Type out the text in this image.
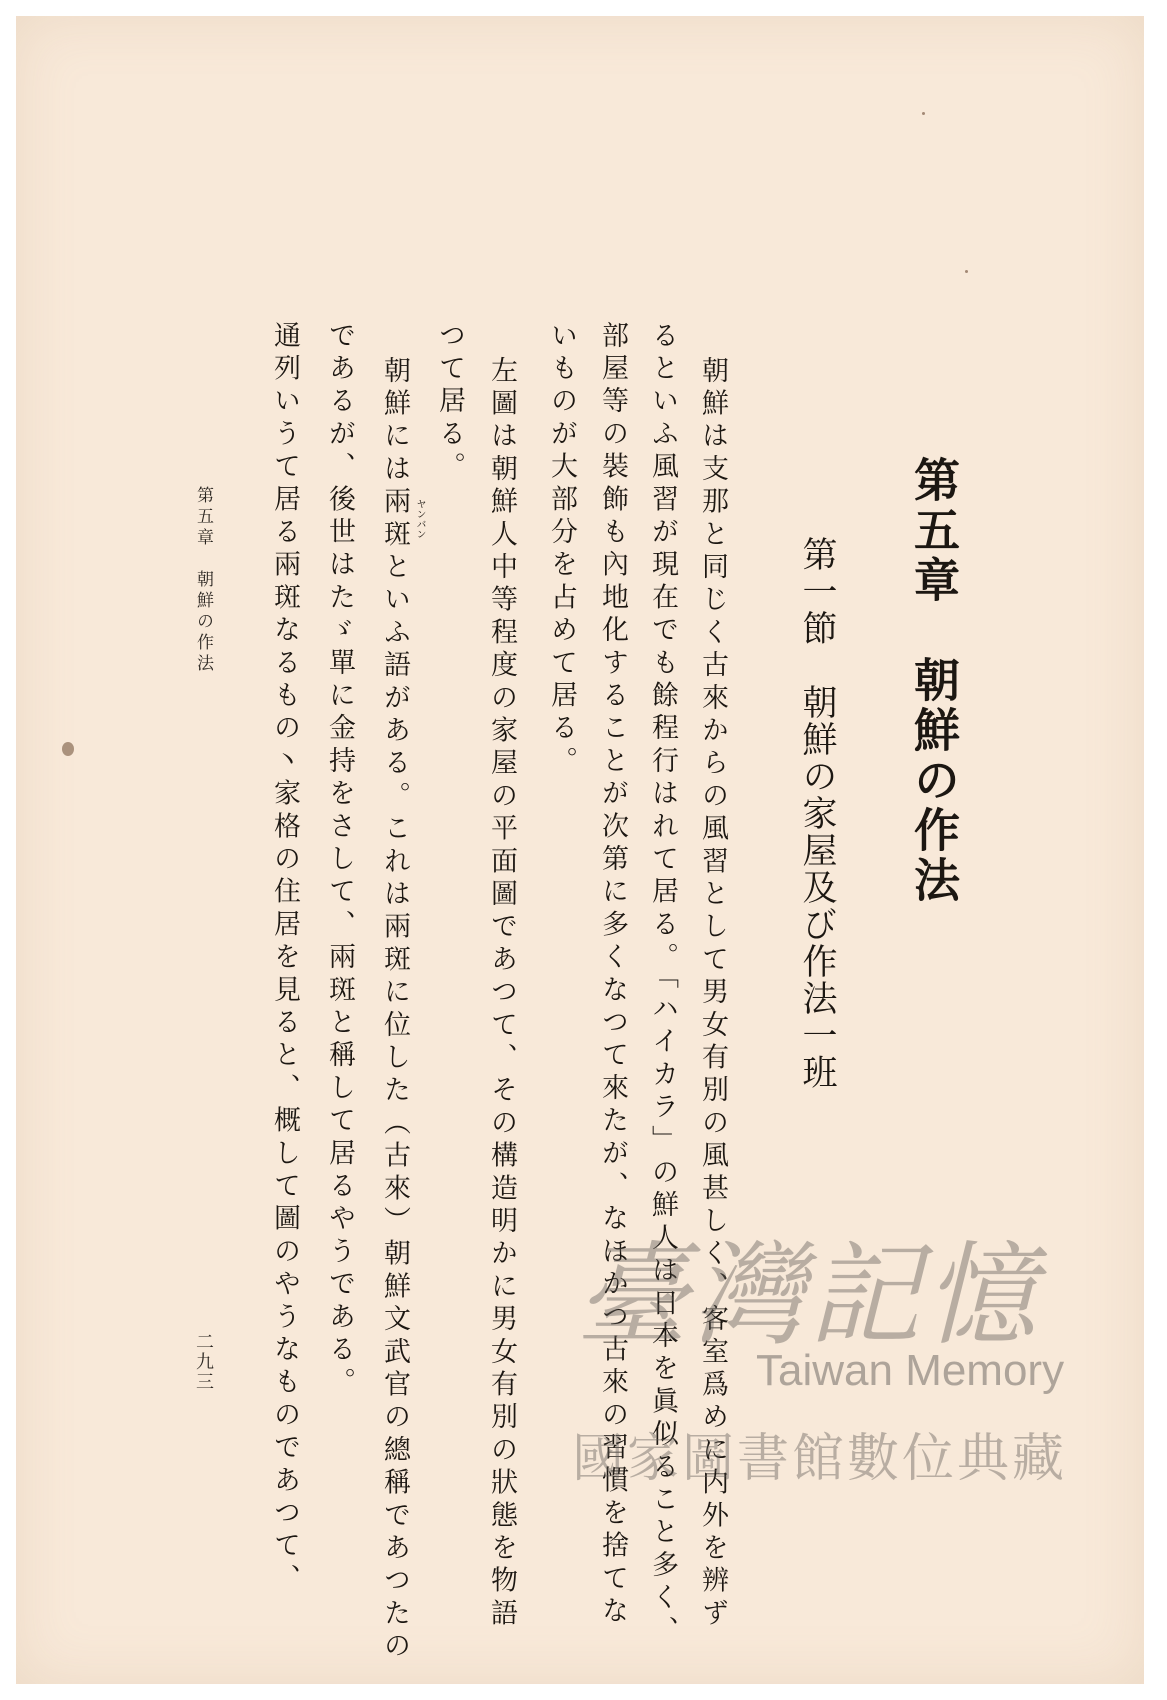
第五章　朝鮮の作法
第一節　朝鮮の家屋及び作法一班
朝鮮は支那と同じく古來からの風習として男女有別の風甚しく、客室爲めに内外を辨ず
るといふ風習が現在でも餘程行はれて居る。「ハイカラ」の鮮人は日本を眞似ること多く、
部屋等の裝飾も內地化することが次第に多くなつて來たが、なほかつ古來の習慣を捨てな
いものが大部分を占めて居る。
左圖は朝鮮人中等程度の家屋の平面圖であつて、その構造明かに男女有別の狀態を物語
つて居る。
ヤンバン
朝鮮には兩斑といふ語がある。これは兩斑に位した（古來）朝鮮文武官の總稱であつたの
であるが、後世はたゞ單に金持をさして、兩斑と稱して居るやうである。
通列いうて居る兩斑なるもの丶家格の住居を見ると、概して圖のやうなものであつて、
第五章　朝鮮の作法
二九三
臺灣記憶
Taiwan Memory
國家圖書館數位典藏
